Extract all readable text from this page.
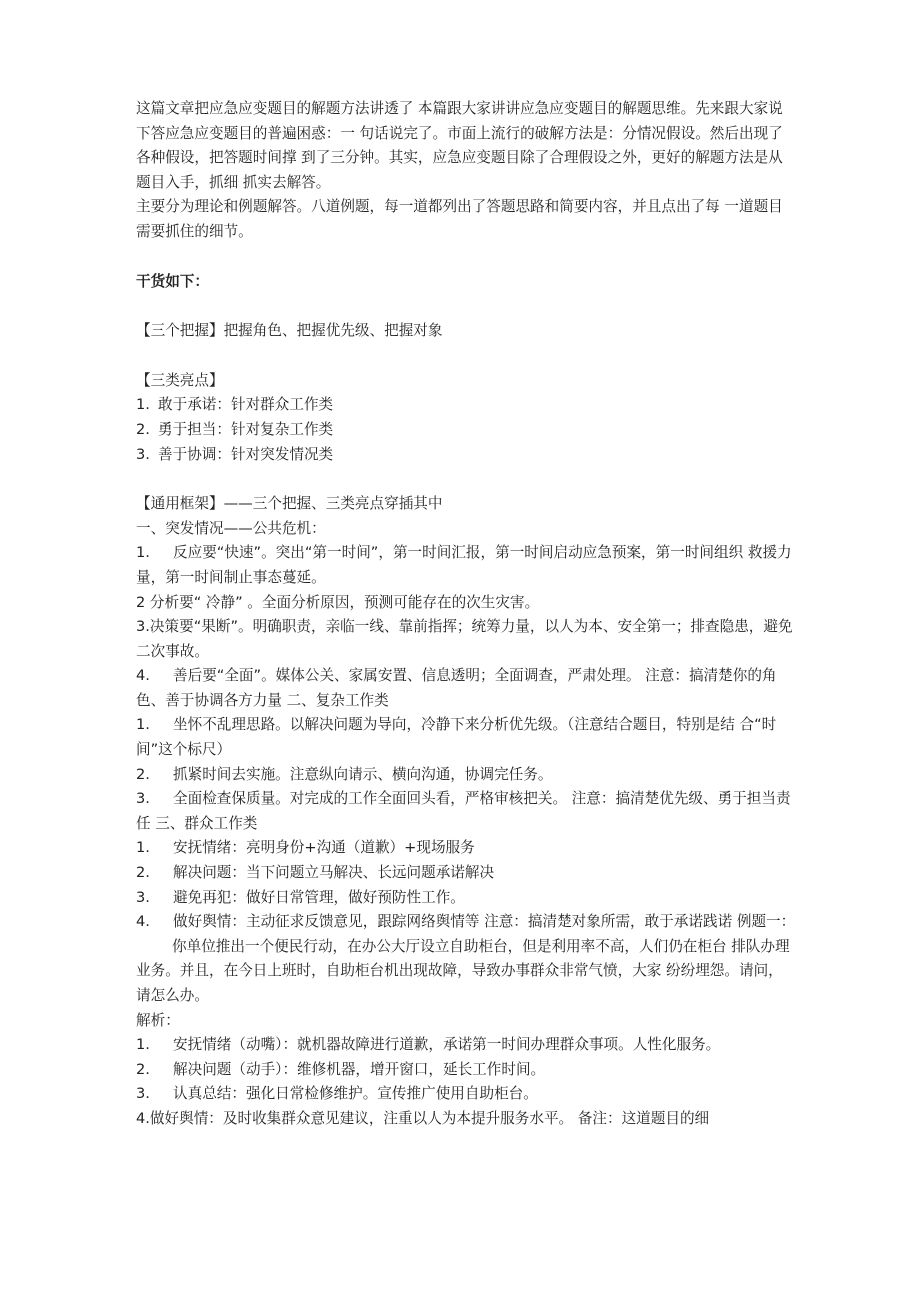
这篇文章把应急应变题目的解题方法讲透了 本篇跟大家讲讲应急应变题目的解题思维。先来跟大家说下答应急应变题目的普遍困惑：一 句话说完了。市面上流行的破解方法是：分情况假设。然后出现了各种假设，把答题时间撑 到了三分钟。其实，应急应变题目除了合理假设之外，更好的解题方法是从题目入手，抓细 抓实去解答。

主要分为理论和例题解答。八道例题，每一道都列出了答题思路和简要内容，并且点出了每 一道题目需要抓住的细节。

干货如下：

【三个把握】把握角色、把握优先级、把握对象

【三类亮点】

1. 敢于承诺：针对群众工作类

2. 勇于担当：针对复杂工作类

3. 善于协调：针对突发情况类

【通用框架】——三个把握、三类亮点穿插其中

一、突发情况——公共危机：

1. 反应要“快速”。突出“第一时间”，第一时间汇报，第一时间启动应急预案，第一时间组织 救援力量，第一时间制止事态蔓延。

2 分析要“ 冷静” 。全面分析原因，预测可能存在的次生灾害。

3.决策要“果断”。明确职责，亲临一线、靠前指挥；统筹力量，以人为本、安全第一；排查隐患，避免二次事故。

4. 善后要“全面”。媒体公关、家属安置、信息透明；全面调查，严肃处理。 注意：搞清楚你的角色、善于协调各方力量 二、复杂工作类

1. 坐怀不乱理思路。以解决问题为导向，冷静下来分析优先级。（注意结合题目，特别是结 合“时间”这个标尺）

2. 抓紧时间去实施。注意纵向请示、横向沟通，协调完任务。

3. 全面检查保质量。对完成的工作全面回头看，严格审核把关。 注意：搞清楚优先级、勇于担当责任 三、群众工作类

1. 安抚情绪：亮明身份+沟通（道歉）+现场服务

2. 解决问题：当下问题立马解决、长远问题承诺解决

3. 避免再犯：做好日常管理，做好预防性工作。

4. 做好舆情：主动征求反馈意见，跟踪网络舆情等 注意：搞清楚对象所需，敢于承诺践诺 例题一：

你单位推出一个便民行动，在办公大厅设立自助柜台，但是利用率不高，人们仍在柜台 排队办理业务。并且，在今日上班时，自助柜台机出现故障，导致办事群众非常气愤，大家 纷纷埋怨。请问，请怎么办。

解析：

1. 安抚情绪（动嘴）：就机器故障进行道歉，承诺第一时间办理群众事项。人性化服务。

2. 解决问题（动手）：维修机器，增开窗口，延长工作时间。

3. 认真总结：强化日常检修维护。宣传推广使用自助柜台。

4.做好舆情：及时收集群众意见建议，注重以人为本提升服务水平。 备注：这道题目的细
